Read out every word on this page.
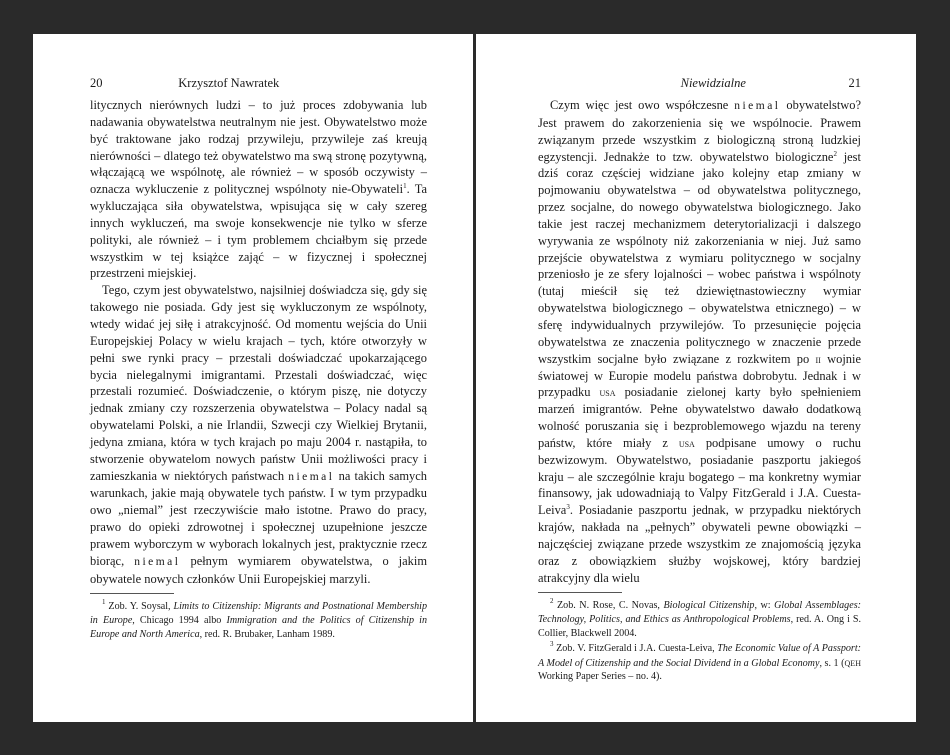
20	Krzysztof Nawratek

litycznych nierównych ludzi – to już proces zdobywania lub nadawania obywatelstwa neutralnym nie jest. Obywatelstwo może być traktowane jako rodzaj przywileju, przywileje zaś kreują nierówności – dlatego też obywatelstwo ma swą stronę pozytywną, włączającą we wspólnotę, ale również – w sposób oczywisty – oznacza wykluczenie z politycznej wspólnoty nie-Obywateli$^1$. Ta wykluczająca siła obywatelstwa, wpisująca się w cały szereg innych wykluczeń, ma swoje konsekwencje nie tylko w sferze polityki, ale również – i tym problemem chciałbym się przede wszystkim w tej książce zająć – w fizycznej i społecznej przestrzeni miejskiej.

Tego, czym jest obywatelstwo, najsilniej doświadcza się, gdy się takowego nie posiada. Gdy jest się wykluczonym ze wspólnoty, wtedy widać jej siłę i atrakcyjność. Od momentu wejścia do Unii Europejskiej Polacy w wielu krajach – tych, które otworzyły w pełni swe rynki pracy – przestali doświadczać upokarzającego bycia nielegalnymi imigrantami. Przestali doświadczać, więc przestali rozumieć. Doświadczenie, o którym piszę, nie dotyczy jednak zmiany czy rozszerzenia obywatelstwa – Polacy nadal są obywatelami Polski, a nie Irlandii, Szwecji czy Wielkiej Brytanii, jedyna zmiana, która w tych krajach po maju 2004 r. nastąpiła, to stworzenie obywatelom nowych państw Unii możliwości pracy i zamieszkania w niektórych państwach niemal na takich samych warunkach, jakie mają obywatele tych państw. I w tym przypadku owo „niemal” jest rzeczywiście mało istotne. Prawo do pracy, prawo do opieki zdrowotnej i społecznej uzupełnione jeszcze prawem wyborczym w wyborach lokalnych jest, praktycznie rzecz biorąc, niemal pełnym wymiarem obywatelstwa, o jakim obywatele nowych członków Unii Europejskiej marzyli.

$^1$ Zob. Y. Soysal, Limits to Citizenship: Migrants and Postnational Membership in Europe, Chicago 1994 albo Immigration and the Politics of Citizenship in Europe and North America, red. R. Brubaker, Lanham 1989.

Niewidzialne	21

Czym więc jest owo współczesne niemal obywatelstwo? Jest prawem do zakorzenienia się we wspólnocie. Prawem związanym przede wszystkim z biologiczną stroną ludzkiej egzystencji. Jednakże to tzw. obywatelstwo biologiczne$^2$ jest dziś coraz częściej widziane jako kolejny etap zmiany w pojmowaniu obywatelstwa – od obywatelstwa politycznego, przez socjalne, do nowego obywatelstwa biologicznego. Jako takie jest raczej mechanizmem deterytorializacji i dalszego wyrywania ze wspólnoty niż zakorzeniania w niej. Już samo przejście obywatelstwa z wymiaru politycznego w socjalny przeniosło je ze sfery lojalności – wobec państwa i wspólnoty (tutaj mieścił się też dziewiętnastowieczny wymiar obywatelstwa biologicznego – obywatelstwa etnicznego) – w sferę indywidualnych przywilejów. To przesunięcie pojęcia obywatelstwa ze znaczenia politycznego w znaczenie przede wszystkim socjalne było związane z rozkwitem po ii wojnie światowej w Europie modelu państwa dobrobytu. Jednak i w przypadku usa posiadanie zielonej karty było spełnieniem marzeń imigrantów. Pełne obywatelstwo dawało dodatkową wolność poruszania się i bezproblemowego wjazdu na tereny państw, które miały z usa podpisane umowy o ruchu bezwizowym. Obywatelstwo, posiadanie paszportu jakiegoś kraju – ale szczególnie kraju bogatego – ma konkretny wymiar finansowy, jak udowadniają to Valpy FitzGerald i J.A. Cuesta-Leiva$^3$. Posiadanie paszportu jednak, w przypadku niektórych krajów, nakłada na „pełnych” obywateli pewne obowiązki – najczęściej związane przede wszystkim ze znajomością języka oraz z obowiązkiem służby wojskowej, który bardziej atrakcyjny dla wielu

$^2$ Zob. N. Rose, C. Novas, Biological Citizenship, w: Global Assemblages: Technology, Politics, and Ethics as Anthropological Problems, red. A. Ong i S. Collier, Blackwell 2004.

$^3$ Zob. V. FitzGerald i J.A. Cuesta-Leiva, The Economic Value of A Passport: A Model of Citizenship and the Social Dividend in a Global Economy, s. 1 (qeh Working Paper Series – no. 4).
